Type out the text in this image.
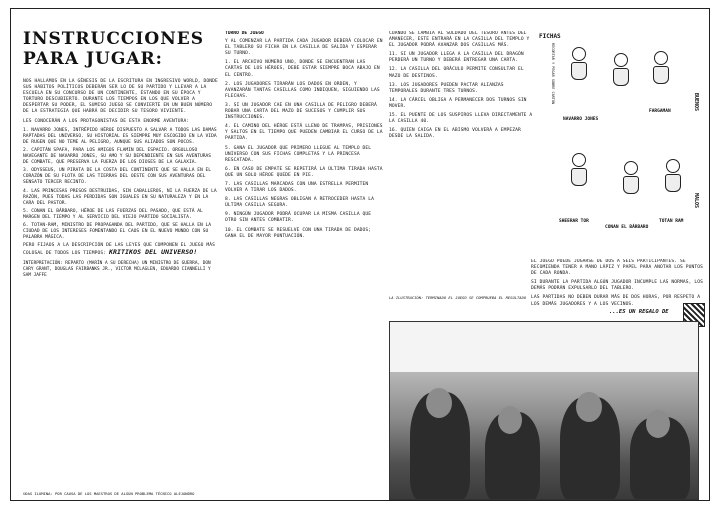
INSTRUCCIONES
PARA JUGAR:

NOS HALLAMOS EN LA GÉNESIS DE LA ESCRITURA EN INGRESIVO WORLD, DONDE SUS HÁBITOS POLÍTICOS DEBERÁN SER LO DE SU PARTIDO Y LLEVAR A LA ESCUELA EN SU CONCURSO DE UN CONTINENTE, ÉSTANDO EN SU ÉPOCA Y TORTURO DESCUBIERTO. DURANTE LOS TIEMPOS EN LOS QUE VOLVER A DESPERTAR SU PODER, EL SUMISO JUEGO SE CONVIERTE EN UN BUEN NÚMERO DE LA ESTRATEGIA QUE HABRÁ DE DECIDIR SU TESORO VIVIENTE.

LES CONOCERÁN A LOS PROTAGONISTAS DE ESTA ENORME AVENTURA:

1. NAVARRO JONES, INTRÉPIDO HÉROE DISPUESTO A SALVAR A TODOS LAS DAMAS RAPTADAS DEL UNIVERSO. SU HISTORIAL ES SIEMPRE MUY ESCOGIDO EN LA VIDA DE RUGEN QUE NO TEME AL PELIGRO, AUNQUE SUS ALIADOS SON POCOS.

2. CAPITÁN SPAFA, PARA LOS AMIGOS FLAMIN DEL ESPACIO. ORGULLOSO NAVEGANTE DE NAVARRO JONES, SU AMO Y SU DEPENDIENTE EN SUS AVENTURAS DE COMBATE, QUE PRESERVA LA FUERZA DE LOS DIOSES DE LA GALAXIA.

3. ODYSSEUS, UN PIRATA DE LA COSTA DEL CONTINENTE QUE SE HALLA EN EL CORAZÓN DE SU FLOTA DE LAS TIERRAS DEL OESTE CON SUS AVENTURAS DEL SENSATO TERCER RECINTO.

4. LAS PRINCESAS PRESOS DESTRUIDAS, SIN CABALLEROS, NI LA FUERZA DE LA RAZÓN, PUES TODAS LAS PERDIDAS SON IGUALES EN SU NATURALEZA Y EN LA CARA DEL PASTOR.

5. CONAN EL BÁRBARO, HÉROE DE LAS FUERZAS DEL PASADO, QUE ESTÁ AL MARGEN DEL TIEMPO Y AL SERVICIO DEL VIEJO PARTIDO SOCIALISTA.

6. TOTAN-RAM, MINISTRO DE PROPAGANDA DEL PARTIDO, QUE SE HALLA EN LA CIUDAD DE LOS INTERESES FOMENTANDO EL CAOS EN EL NUEVO MUNDO CON SU PALABRA MÁGICA.

PERO FIJAOS A LA DESCRIPCIÓN DE LAS LEYES QUE COMPONEN EL JUEGO MÁS COLOSAL DE TODOS LOS TIEMPOS: KRITIKOS DEL UNIVERSO!

INTERPRETACIÓN: REPARTO (MARÍN A SU DERECHA) UN MINISTRO DE GUERRA, DON CARY GRANT, DOUGLAS FAIRBANKS JR., VICTOR MCLAGLEN, EDUARDO CIANNELLI Y SAM JAFFE

TURNO DE JUEGO

Y AL COMENZAR LA PARTIDA CADA JUGADOR DEBERÁ COLOCAR EN EL TABLERO SU FICHA EN LA CASILLA DE SALIDA Y ESPERAR SU TURNO.

1. EL ARCHIVO NÚMERO UNO, DONDE SE ENCUENTRAN LAS CARTAS DE LOS HÉROES, DEBE ESTAR SIEMPRE BOCA ABAJO EN EL CENTRO.

2. LOS JUGADORES TIRARÁN LOS DADOS EN ORDEN, Y AVANZARÁN TANTAS CASILLAS COMO INDIQUEN, SIGUIENDO LAS FLECHAS.

3. SI UN JUGADOR CAE EN UNA CASILLA DE PELIGRO DEBERÁ ROBAR UNA CARTA DEL MAZO DE SUCESOS Y CUMPLIR SUS INSTRUCCIONES.

4. EL CAMINO DEL HÉROE ESTÁ LLENO DE TRAMPAS, PRISIONES Y SALTOS EN EL TIEMPO QUE PUEDEN CAMBIAR EL CURSO DE LA PARTIDA.

5. GANA EL JUGADOR QUE PRIMERO LLEGUE AL TEMPLO DEL UNIVERSO CON SUS FICHAS COMPLETAS Y LA PRINCESA RESCATADA.

6. EN CASO DE EMPATE SE REPETIRÁ LA ÚLTIMA TIRADA HASTA QUE UN SOLO HÉROE QUEDE EN PIE.

7. LAS CASILLAS MARCADAS CON UNA ESTRELLA PERMITEN VOLVER A TIRAR LOS DADOS.

8. LAS CASILLAS NEGRAS OBLIGAN A RETROCEDER HASTA LA ÚLTIMA CASILLA SEGURA.

9. NINGÚN JUGADOR PODRÁ OCUPAR LA MISMA CASILLA QUE OTRO SIN ANTES COMBATIR.

10. EL COMBATE SE RESUELVE CON UNA TIRADA DE DADOS; GANA EL DE MAYOR PUNTUACIÓN.

CUANDO SE CAMBIA AL SOLDADO DEL TESORO ANTES DEL AMANECER, ESTE ENTRARÁ EN LA CASILLA DEL TEMPLO Y EL JUGADOR PODRÁ AVANZAR DOS CASILLAS MÁS.

11. SI UN JUGADOR LLEGA A LA CASILLA DEL DRAGÓN PERDERÁ UN TURNO Y DEBERÁ ENTREGAR UNA CARTA.

12. LA CASILLA DEL ORÁCULO PERMITE CONSULTAR EL MAZO DE DESTINOS.

13. LOS JUGADORES PUEDEN PACTAR ALIANZAS TEMPORALES DURANTE TRES TURNOS.

14. LA CÁRCEL OBLIGA A PERMANECER DOS TURNOS SIN MOVER.

15. EL PUENTE DE LOS SUSPIROS LLEVA DIRECTAMENTE A LA CASILLA 40.

16. QUIEN CAIGA EN EL ABISMO VOLVERÁ A EMPEZAR DESDE LA SALIDA.

LA ILUSTRACIÓN: TERMINADO EL JUEGO SE COMPRUEBA EL RESULTADO
FICHAS
RECORTAR Y PEGAR SOBRE CARTÓN
NAVARRO JONES
FARGAMAN
BUENOS
SHEERAR TOR
CONAN EL BÁRBARO
TOTAN RAM
MALOS

EL JUEGO PUEDE JUGARSE DE DOS A SEIS PARTICIPANTES. SE RECOMIENDA TENER A MANO LÁPIZ Y PAPEL PARA ANOTAR LOS PUNTOS DE CADA RONDA.

SI DURANTE LA PARTIDA ALGÚN JUGADOR INCUMPLE LAS NORMAS, LOS DEMÁS PODRÁN EXPULSARLO DEL TABLERO.

LAS PARTIDAS NO DEBEN DURAR MÁS DE DOS HORAS, POR RESPETO A LOS DEMÁS JUGADORES Y A LOS VECINOS.

...ES UN REGALO DE
©DAS ILUMINA: POR CAUSA DE LOS MAESTROS DE ALGÚN PROBLEMA TÉCNICO ALEJANDRO
